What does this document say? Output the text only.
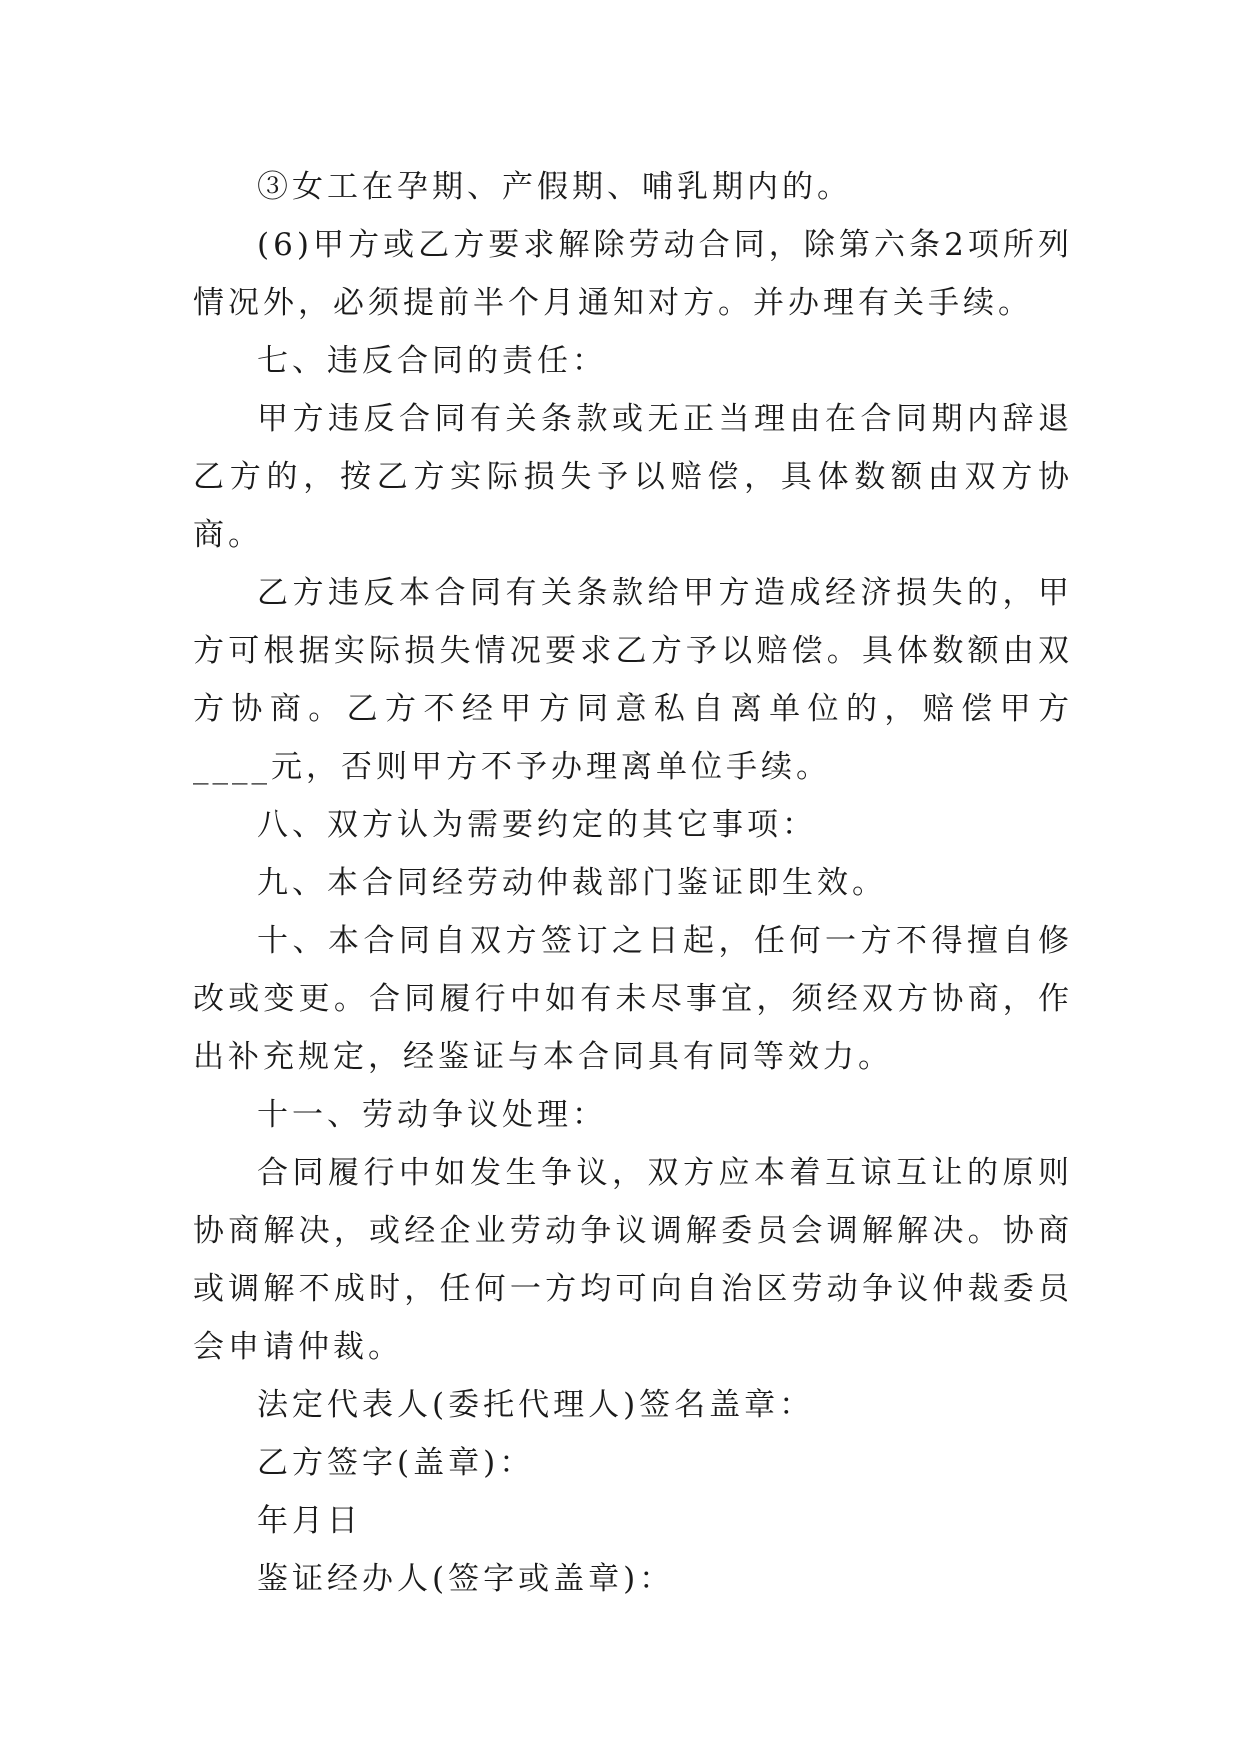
③女工在孕期、产假期、哺乳期内的。

(6)甲方或乙方要求解除劳动合同，除第六条2项所列情况外，必须提前半个月通知对方。并办理有关手续。

七、违反合同的责任：

甲方违反合同有关条款或无正当理由在合同期内辞退乙方的，按乙方实际损失予以赔偿，具体数额由双方协商。

乙方违反本合同有关条款给甲方造成经济损失的，甲方可根据实际损失情况要求乙方予以赔偿。具体数额由双方协商。乙方不经甲方同意私自离单位的，赔偿甲方____元，否则甲方不予办理离单位手续。

八、双方认为需要约定的其它事项：

九、本合同经劳动仲裁部门鉴证即生效。

十、本合同自双方签订之日起，任何一方不得擅自修改或变更。合同履行中如有未尽事宜，须经双方协商，作出补充规定，经鉴证与本合同具有同等效力。

十一、劳动争议处理：

合同履行中如发生争议，双方应本着互谅互让的原则协商解决，或经企业劳动争议调解委员会调解解决。协商或调解不成时，任何一方均可向自治区劳动争议仲裁委员会申请仲裁。

法定代表人(委托代理人)签名盖章：

乙方签字(盖章)：

年月日

鉴证经办人(签字或盖章)：
